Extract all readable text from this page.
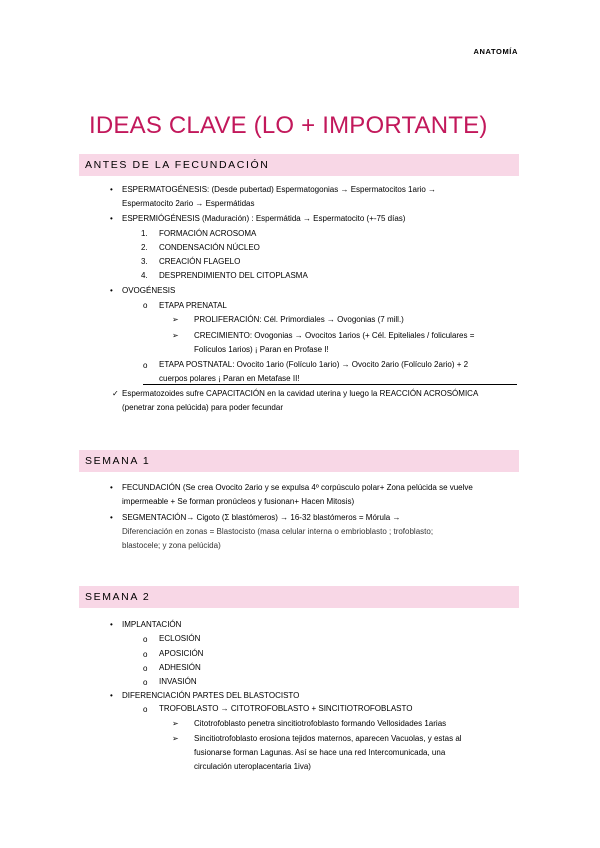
ANATOMÍA
IDEAS CLAVE (LO + IMPORTANTE)
ANTES DE LA FECUNDACIÓN
• ESPERMATOGÉNESIS: (Desde pubertad) Espermatogonias → Espermatocitos 1ario →
Espermatocito 2ario → Espermátidas
• ESPERMIÓGÉNESIS (Maduración) : Espermátida → Espermatocito (+-75 días)
1. FORMACIÓN ACROSOMA
2. CONDENSACIÓN NÚCLEO
3. CREACIÓN FLAGELO
4. DESPRENDIMIENTO DEL CITOPLASMA
• OVOGÉNESIS
o ETAPA PRENATAL
➢ PROLIFERACIÓN: Cél. Primordiales → Ovogonias (7 mill.)
➢ CRECIMIENTO: Ovogonias → Ovocitos 1arios (+ Cél. Epiteliales / foliculares =
Folículos 1arios) ¡ Paran en Profase I!
o ETAPA POSTNATAL: Ovocito 1ario (Folículo 1ario) → Ovocito 2ario (Folículo 2ario) + 2
cuerpos polares ¡ Paran en Metafase II!
✓ Espermatozoides sufre CAPACITACIÓN en la cavidad uterina y luego la REACCIÓN ACROSÓMICA
(penetrar zona pelúcida) para poder fecundar
SEMANA 1
• FECUNDACIÓN (Se crea Ovocito 2ario y se expulsa 4º corpúsculo polar+ Zona pelúcida se vuelve
impermeable + Se forman pronúcleos y fusionan+ Hacen Mitosis)
• SEGMENTACIÓN→ Cigoto (Σ blastómeros) → 16-32 blastómeros = Mórula →
Diferenciación en zonas = Blastocisto (masa celular interna o embrioblasto ; trofoblasto;
blastocele; y zona pelúcida)
SEMANA 2
• IMPLANTACIÓN
o ECLOSIÓN
o APOSICIÓN
o ADHESIÓN
o INVASIÓN
• DIFERENCIACIÓN PARTES DEL BLASTOCISTO
o TROFOBLASTO → CITOTROFOBLASTO + SINCITIOTROFOBLASTO
➢ Citotrofoblasto penetra sincitiotrofoblasto formando Vellosidades 1arias
➢ Sincitiotrofoblasto erosiona tejidos maternos, aparecen Vacuolas, y estas al
fusionarse forman Lagunas. Así se hace una red Intercomunicada, una
circulación uteroplacentaria 1iva)
